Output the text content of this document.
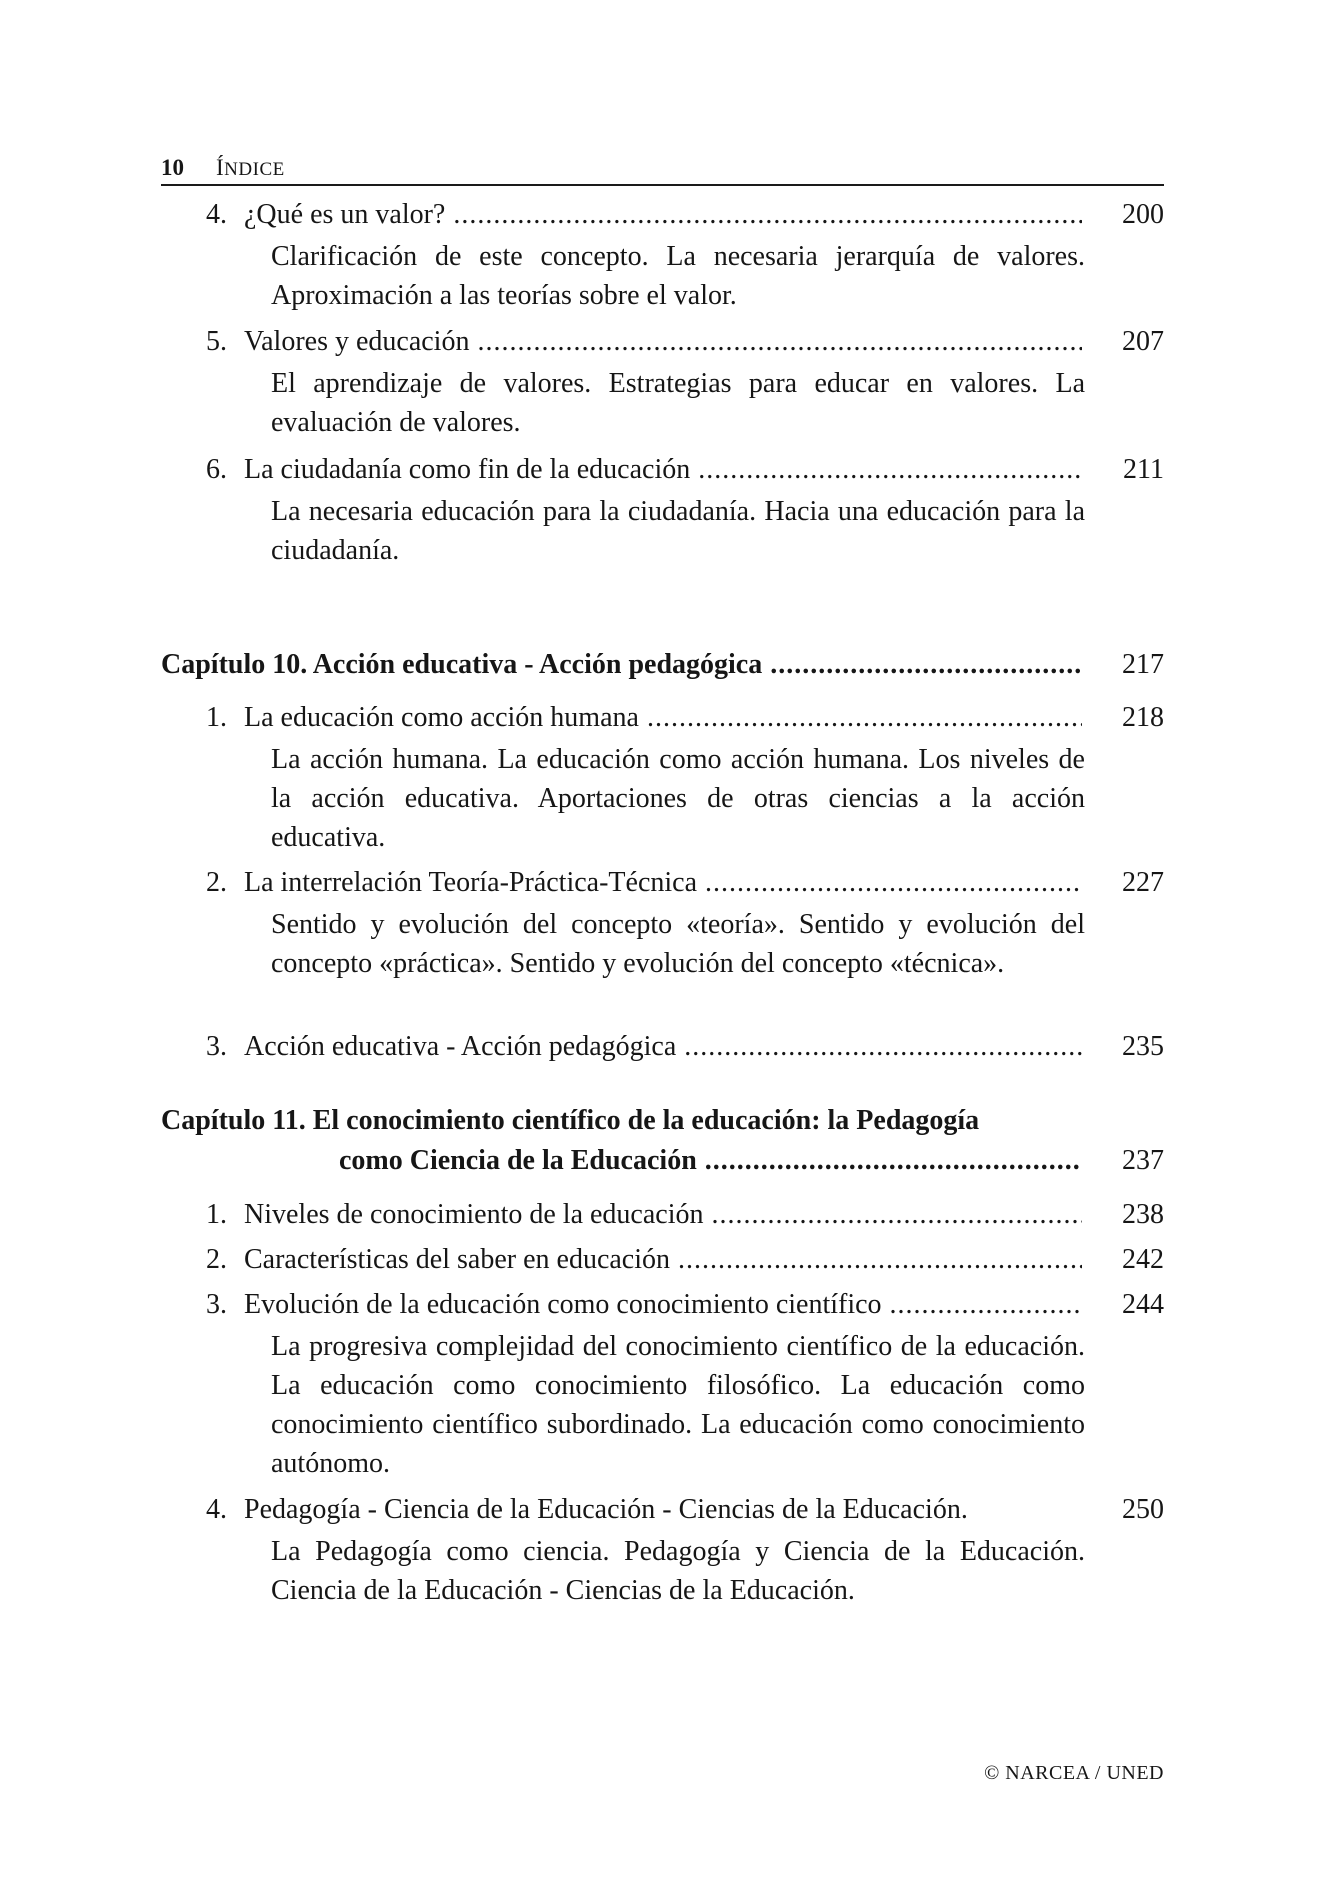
10 ÍNDICE
4. ¿Qué es un valor? .....	200
Clarificación de este concepto. La necesaria jerarquía de valores. Aproximación a las teorías sobre el valor.
5. Valores y educación .....	207
El aprendizaje de valores. Estrategias para educar en valores. La evaluación de valores.
6. La ciudadanía como fin de la educación .....	211
La necesaria educación para la ciudadanía. Hacia una educación para la ciudadanía.
Capítulo 10. Acción educativa - Acción pedagógica .....	217
1. La educación como acción humana .....	218
La acción humana. La educación como acción humana. Los niveles de la acción educativa. Aportaciones de otras ciencias a la acción educativa.
2. La interrelación Teoría-Práctica-Técnica .....	227
Sentido y evolución del concepto «teoría». Sentido y evolución del concepto «práctica». Sentido y evolución del concepto «técnica».
3. Acción educativa - Acción pedagógica .....	235
Capítulo 11. El conocimiento científico de la educación: la Pedagogía
como Ciencia de la Educación .....	237
1. Niveles de conocimiento de la educación .....	238
2. Características del saber en educación .....	242
3. Evolución de la educación como conocimiento científico .....	244
La progresiva complejidad del conocimiento científico de la educación. La educación como conocimiento filosófico. La educación como conocimiento científico subordinado. La educación como conocimiento autónomo.
4. Pedagogía - Ciencia de la Educación - Ciencias de la Educación.	250
La Pedagogía como ciencia. Pedagogía y Ciencia de la Educación. Ciencia de la Educación - Ciencias de la Educación.
© NARCEA / UNED
